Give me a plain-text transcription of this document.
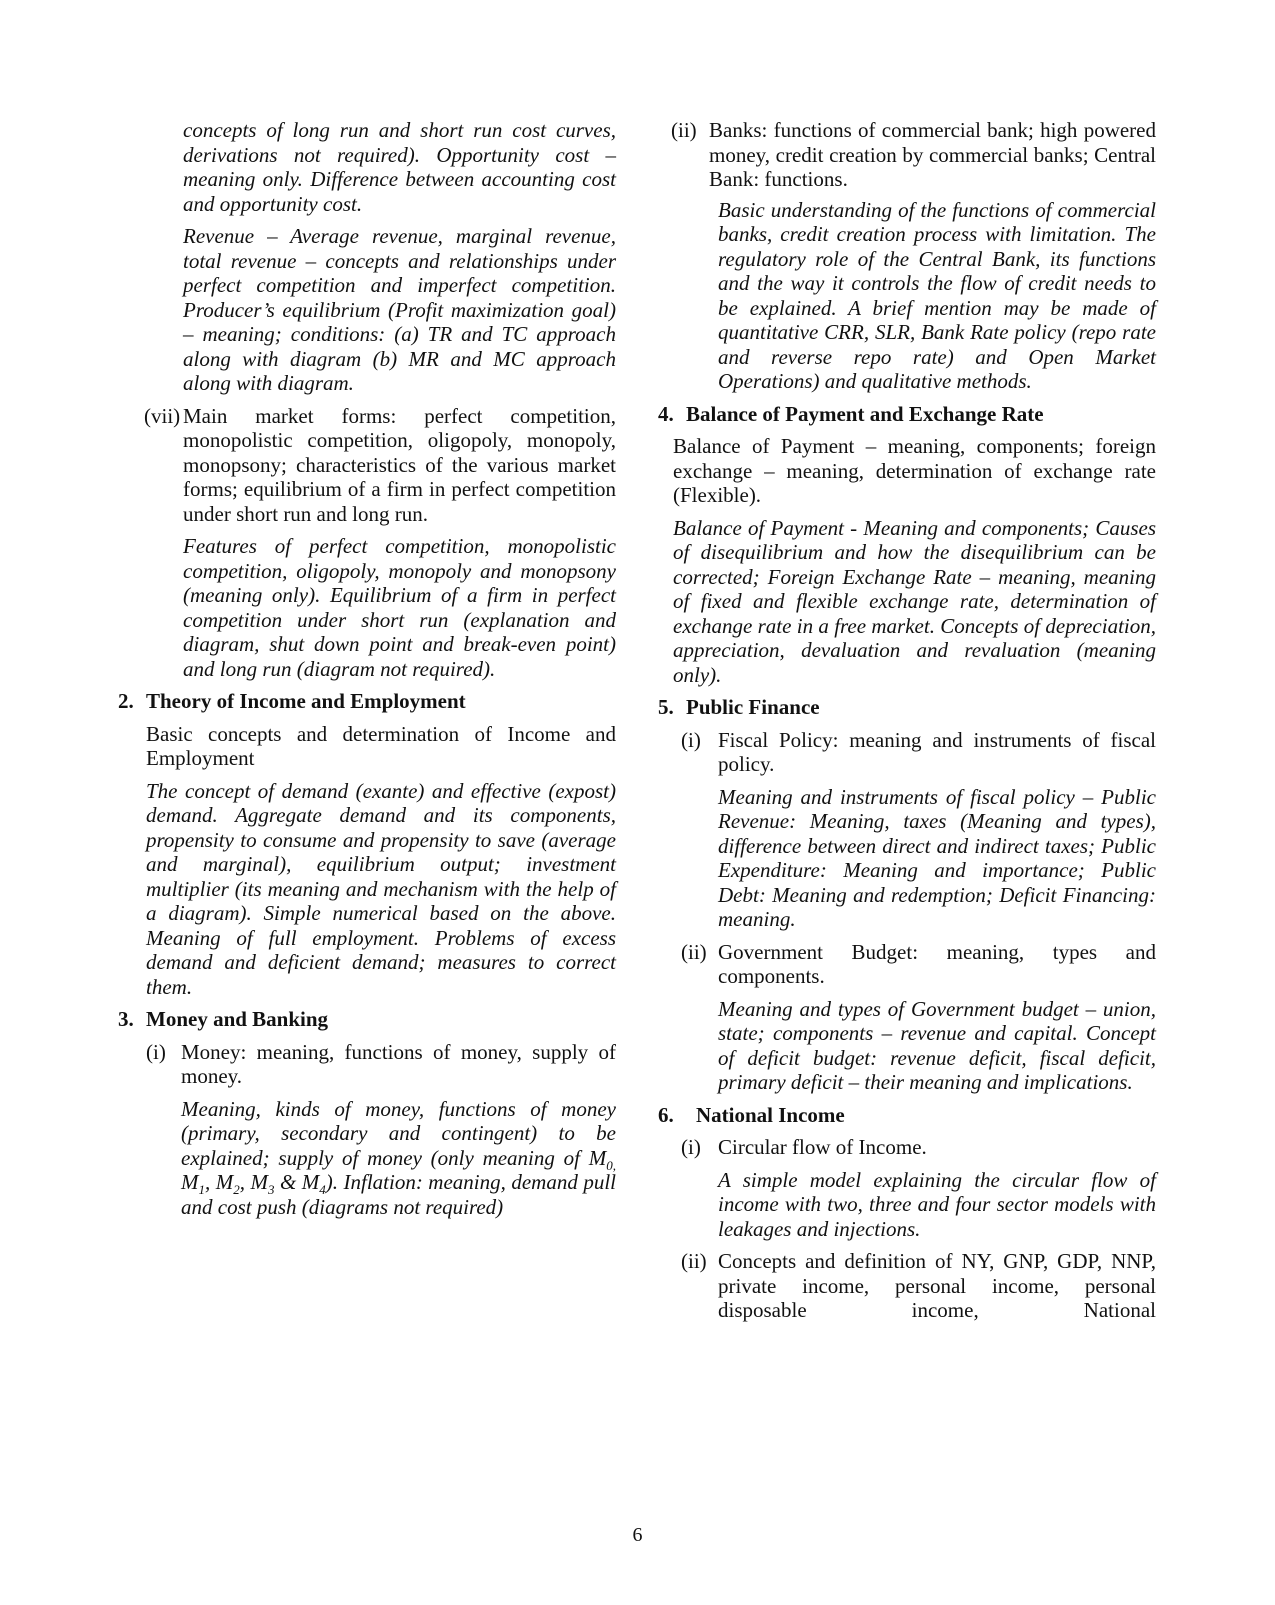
concepts of long run and short run cost curves, derivations not required). Opportunity cost – meaning only. Difference between accounting cost and opportunity cost.

Revenue – Average revenue, marginal revenue, total revenue – concepts and relationships under perfect competition and imperfect competition. Producer’s equilibrium (Profit maximization goal) – meaning; conditions: (a) TR and TC approach along with diagram (b) MR and MC approach along with diagram.

(vii) Main market forms: perfect competition, monopolistic competition, oligopoly, monopoly, monopsony; characteristics of the various market forms; equilibrium of a firm in perfect competition under short run and long run.

Features of perfect competition, monopolistic competition, oligopoly, monopoly and monopsony (meaning only). Equilibrium of a firm in perfect competition under short run (explanation and diagram, shut down point and break-even point) and long run (diagram not required).

2. Theory of Income and Employment

Basic concepts and determination of Income and Employment

The concept of demand (exante) and effective (expost) demand. Aggregate demand and its components, propensity to consume and propensity to save (average and marginal), equilibrium output; investment multiplier (its meaning and mechanism with the help of a diagram). Simple numerical based on the above. Meaning of full employment. Problems of excess demand and deficient demand; measures to correct them.

3. Money and Banking
(i) Money: meaning, functions of money, supply of money.

Meaning, kinds of money, functions of money (primary, secondary and contingent) to be explained; supply of money (only meaning of $M_{0,}$ $M_1$, $M_2$, $M_3$ & $M_4$). Inflation: meaning, demand pull and cost push (diagrams not required)

(ii) Banks: functions of commercial bank; high powered money, credit creation by commercial banks; Central Bank: functions.

Basic understanding of the functions of commercial banks, credit creation process with limitation. The regulatory role of the Central Bank, its functions and the way it controls the flow of credit needs to be explained. A brief mention may be made of quantitative CRR, SLR, Bank Rate policy (repo rate and reverse repo rate) and Open Market Operations) and qualitative methods.

4. Balance of Payment and Exchange Rate

Balance of Payment – meaning, components; foreign exchange – meaning, determination of exchange rate (Flexible).

Balance of Payment - Meaning and components; Causes of disequilibrium and how the disequilibrium can be corrected; Foreign Exchange Rate – meaning, meaning of fixed and flexible exchange rate, determination of exchange rate in a free market. Concepts of depreciation, appreciation, devaluation and revaluation (meaning only).

5. Public Finance
(i) Fiscal Policy: meaning and instruments of fiscal policy.

Meaning and instruments of fiscal policy – Public Revenue: Meaning, taxes (Meaning and types), difference between direct and indirect taxes; Public Expenditure: Meaning and importance; Public Debt: Meaning and redemption; Deficit Financing: meaning.

(ii) Government Budget: meaning, types and components.

Meaning and types of Government budget – union, state; components – revenue and capital. Concept of deficit budget: revenue deficit, fiscal deficit, primary deficit – their meaning and implications.

6.	National Income
(i) Circular flow of Income.

A simple model explaining the circular flow of income with two, three and four sector models with leakages and injections.

(ii) Concepts and definition of NY, GNP, GDP, NNP, private income, personal income, personal disposable income, National
6
